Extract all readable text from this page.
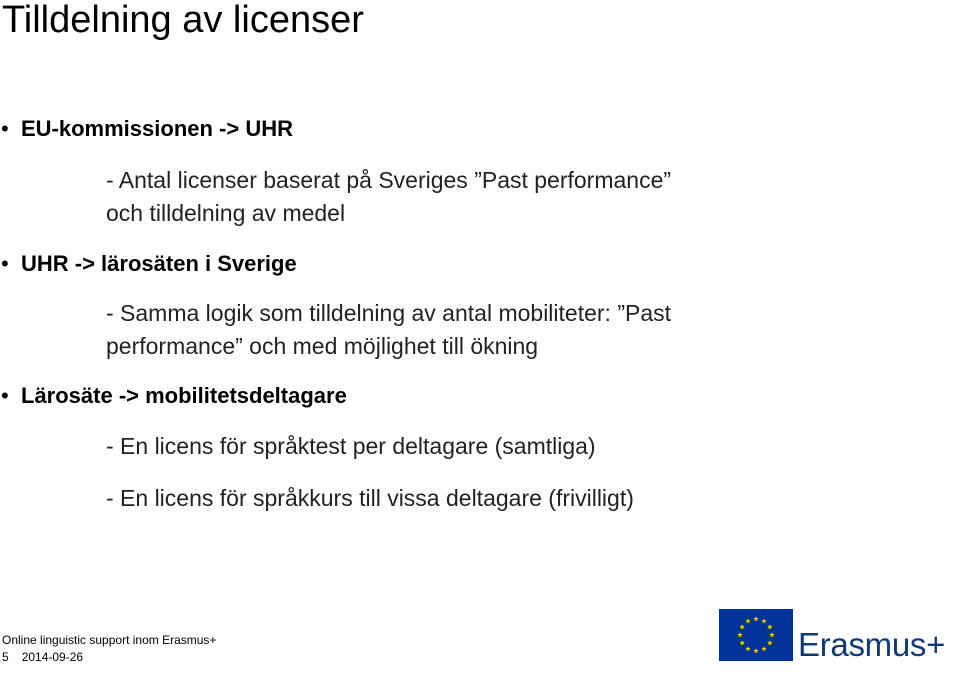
Tilldelning av licenser
• EU-kommissionen -> UHR
- Antal licenser baserat på Sveriges ”Past performance”
och tilldelning av medel
• UHR -> lärosäten i Sverige
- Samma logik som tilldelning av antal mobiliteter: ”Past
performance” och med möjlighet till ökning
• Lärosäte -> mobilitetsdeltagare
- En licens för språktest per deltagare (samtliga)
- En licens för språkkurs till vissa deltagare (frivilligt)
Online linguistic support inom Erasmus+
5 2014-09-26	Erasmus+
